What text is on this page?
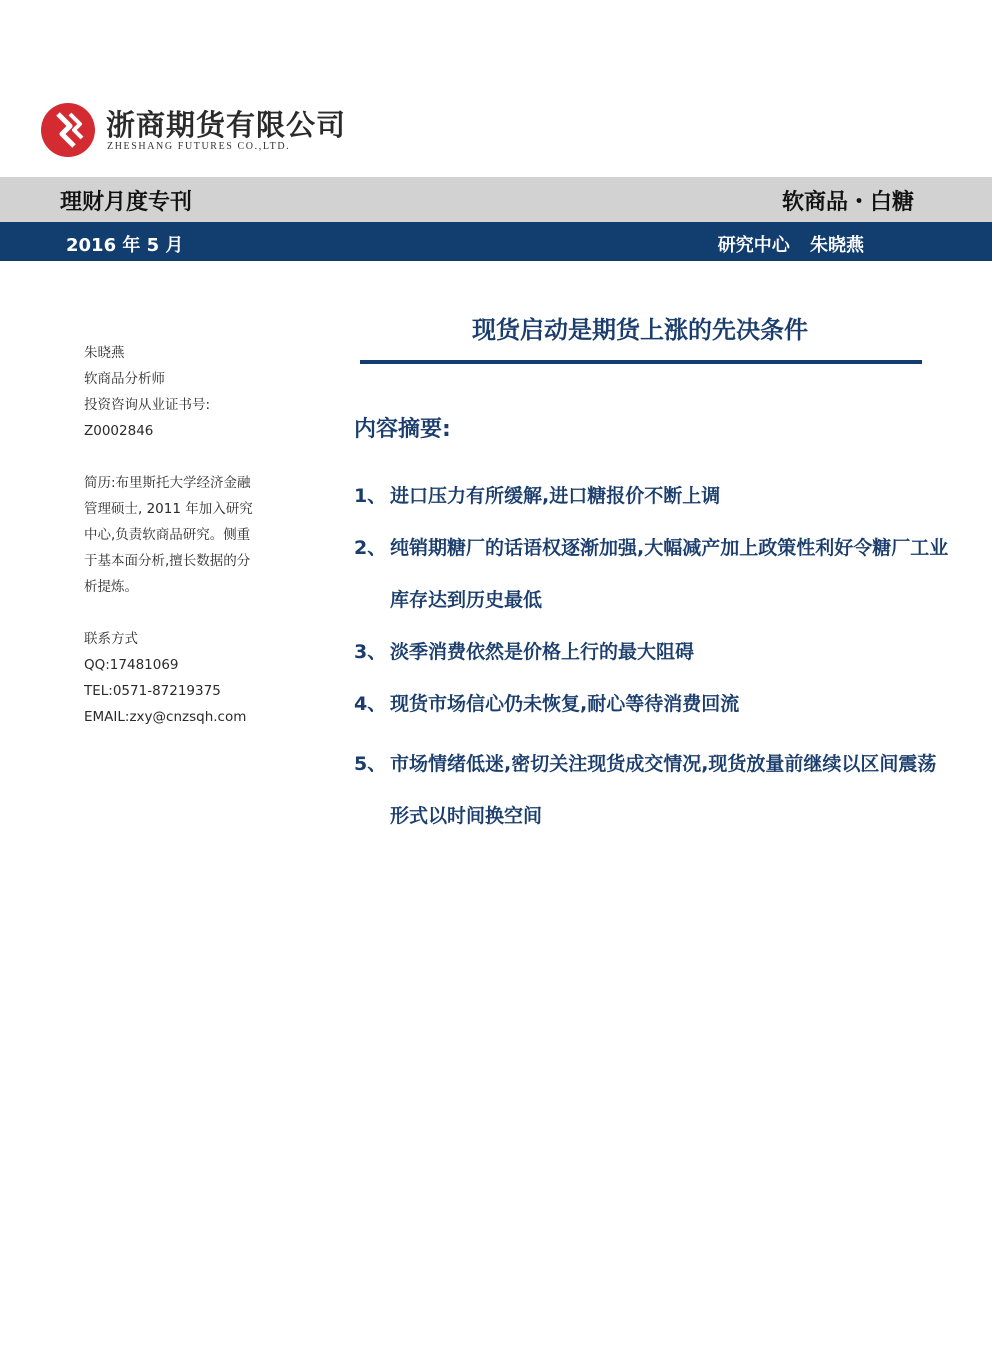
浙商期货有限公司
ZHESHANG FUTURES CO.,LTD.
理财月度专刊	软商品・白糖
2016 年 5 月	研究中心 朱晓燕
朱晓燕
软商品分析师
投资咨询从业证书号:
Z0002846
简历:布里斯托大学经济金融
管理硕士, 2011 年加入研究
中心,负责软商品研究。侧重
于基本面分析,擅长数据的分
析提炼。
联系方式
QQ:17481069
TEL:0571-87219375
EMAIL:zxy@cnzsqh.com
现货启动是期货上涨的先决条件
内容摘要:
1、 进口压力有所缓解,进口糖报价不断上调
2、 纯销期糖厂的话语权逐渐加强,大幅减产加上政策性利好令糖厂工业库存达到历史最低
3、 淡季消费依然是价格上行的最大阻碍
4、 现货市场信心仍未恢复,耐心等待消费回流
5、 市场情绪低迷,密切关注现货成交情况,现货放量前继续以区间震荡形式以时间换空间
